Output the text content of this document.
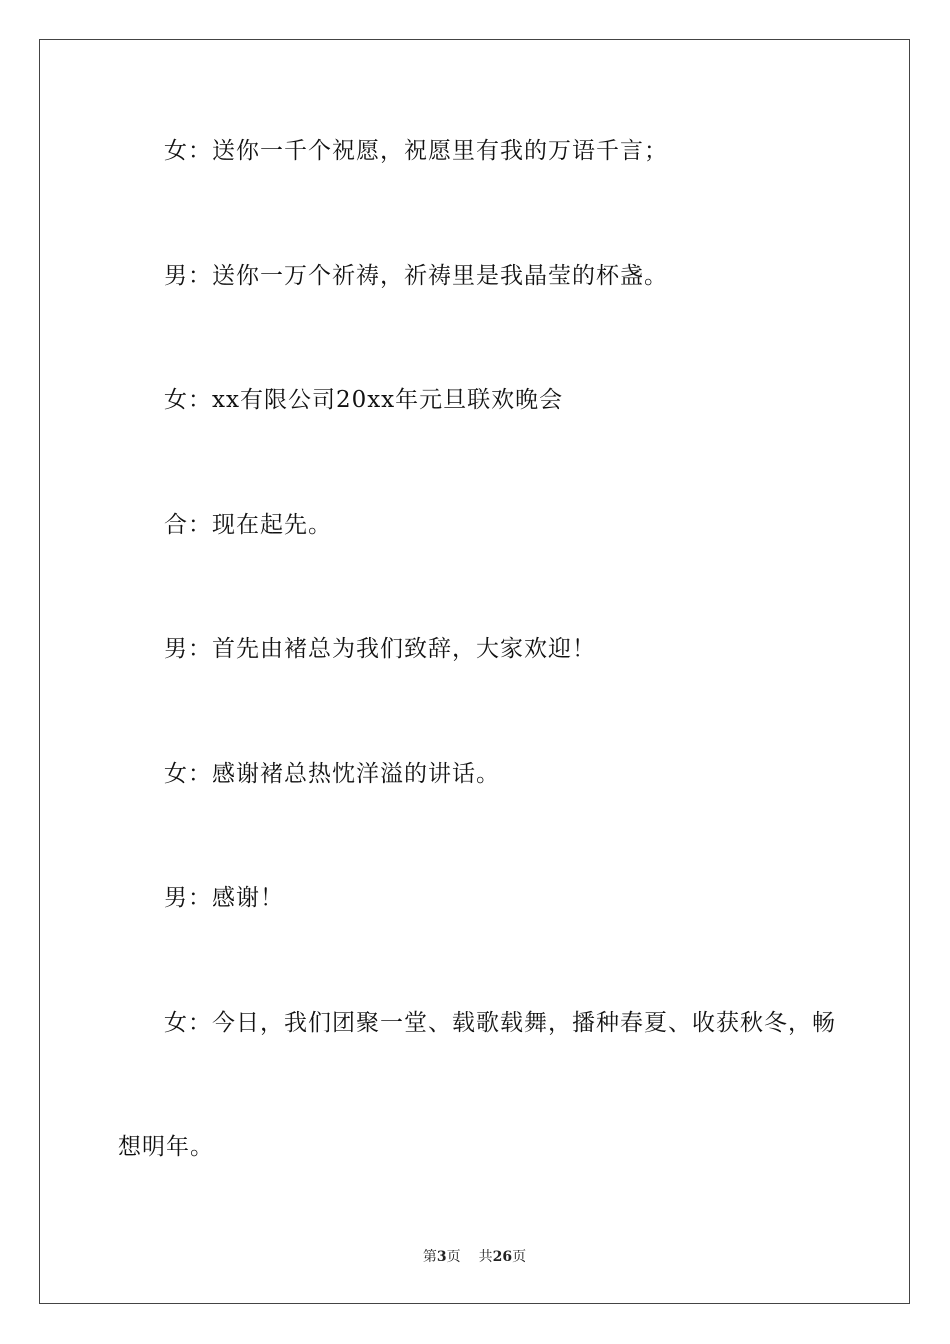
女：送你一千个祝愿，祝愿里有我的万语千言；
男：送你一万个祈祷，祈祷里是我晶莹的杯盏。
女：xx有限公司20xx年元旦联欢晚会
合：现在起先。
男：首先由褚总为我们致辞，大家欢迎！
女：感谢褚总热忱洋溢的讲话。
男：感谢！
女：今日，我们团聚一堂、载歌载舞，播种春夏、收获秋冬，畅
想明年。
第3页 共26页
